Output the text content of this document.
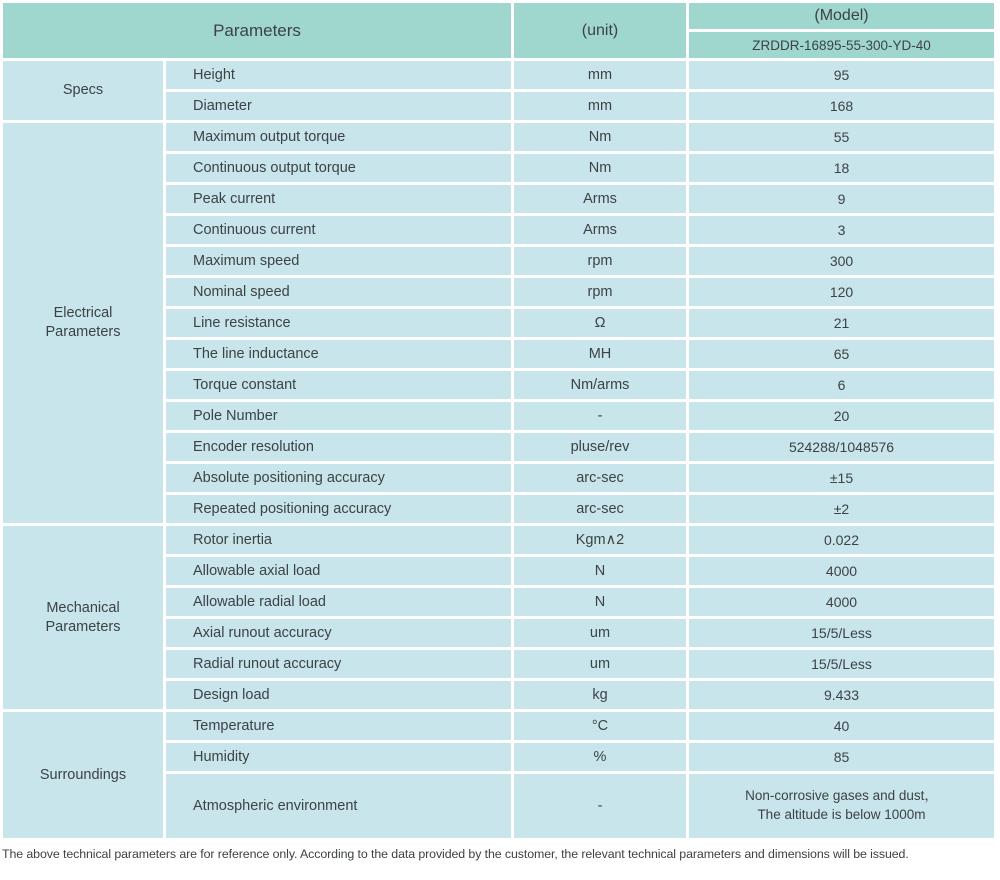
Parameters		(unit)	(Model)
			ZRDDR-16895-55-300-YD-40
Specs	Height	mm	95
	Diameter	mm	168
Electrical Parameters	Maximum output torque	Nm	55
	Continuous output torque	Nm	18
	Peak current	Arms	9
	Continuous current	Arms	3
	Maximum speed	rpm	300
	Nominal speed	rpm	120
	Line resistance	Ω	21
	The line inductance	MH	65
	Torque constant	Nm/arms	6
	Pole Number	-	20
	Encoder resolution	pluse/rev	524288/1048576
	Absolute positioning accuracy	arc-sec	±15
	Repeated positioning accuracy	arc-sec	±2
Mechanical Parameters	Rotor inertia	Kgm∧2	0.022
	Allowable axial load	N	4000
	Allowable radial load	N	4000
	Axial runout accuracy	um	15/5/Less
	Radial runout accuracy	um	15/5/Less
	Design load	kg	9.433
Surroundings	Temperature	°C	40
	Humidity	%	85
	Atmospheric environment	-	Non-corrosive gases and dust，
The altitude is below 1000m
The above technical parameters are for reference only. According to the data provided by the customer, the relevant technical parameters and dimensions will be issued.
